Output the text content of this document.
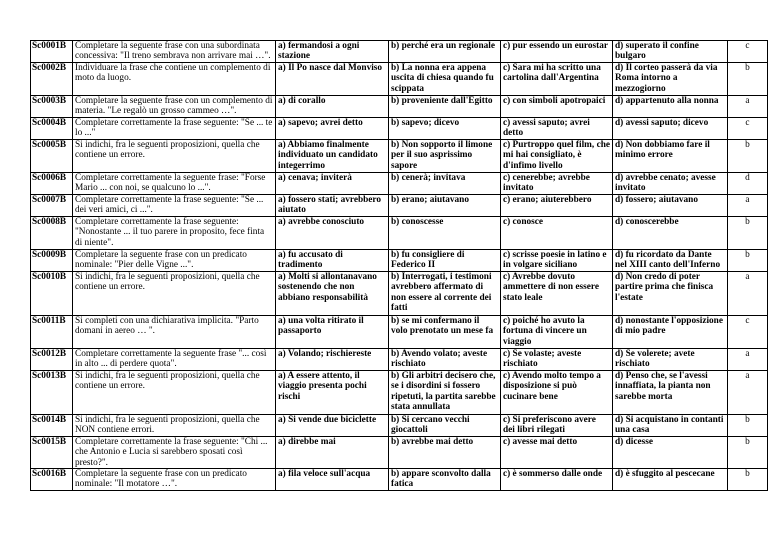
Sc0001B	Completare la seguente frase con una subordinata concessiva: "Il treno sembrava non arrivare mai …".	a) fermandosi a ogni stazione	b) perché era un regionale	c) pur essendo un eurostar	d) superato il confine bulgaro	c
Sc0002B	Individuare la frase che contiene un complemento di moto da luogo.	a) Il Po nasce dal Monviso	b) La nonna era appena uscita di chiesa quando fu scippata	c) Sara mi ha scritto una cartolina dall'Argentina	d) Il corteo passerà da via Roma intorno a mezzogiorno	b
Sc0003B	Completare la seguente frase con un complemento di materia. "Le regalò un grosso cammeo …".	a) di corallo	b) proveniente dall'Egitto	c) con simboli apotropaici	d) appartenuto alla nonna	a
Sc0004B	Completare correttamente la frase seguente: "Se ... te lo ..."	a) sapevo; avrei detto	b) sapevo; dicevo	c) avessi saputo; avrei detto	d) avessi saputo; dicevo	c
Sc0005B	Si indichi, fra le seguenti proposizioni, quella che contiene un errore.	a) Abbiamo finalmente individuato un candidato integerrimo	b) Non sopporto il limone per il suo asprissimo sapore	c) Purtroppo quel film, che mi hai consigliato, è d'infimo livello	d) Non dobbiamo fare il minimo errore	b
Sc0006B	Completare correttamente la seguente frase: "Forse Mario ... con noi, se qualcuno lo ...".	a) cenava; inviterà	b) cenerà; invitava	c) cenerebbe; avrebbe invitato	d) avrebbe cenato; avesse invitato	d
Sc0007B	Completare correttamente la frase seguente: "Se ... dei veri amici, ci ...".	a) fossero stati; avrebbero aiutato	b) erano; aiutavano	c) erano; aiuterebbero	d) fossero; aiutavano	a
Sc0008B	Completare correttamente la frase seguente: "Nonostante ... il tuo parere in proposito, fece finta di niente".	a) avrebbe conosciuto	b) conoscesse	c) conosce	d) conoscerebbe	b
Sc0009B	Completare la seguente frase con un predicato nominale: "Pier delle Vigne ...".	a) fu accusato di tradimento	b) fu consigliere di Federico II	c) scrisse poesie in latino e in volgare siciliano	d) fu ricordato da Dante nel XIII canto dell'Inferno	b
Sc0010B	Si indichi, fra le seguenti proposizioni, quella che contiene un errore.	a) Molti si allontanavano sostenendo che non abbiano responsabilità	b) Interrogati, i testimoni avrebbero affermato di non essere al corrente dei fatti	c) Avrebbe dovuto ammettere di non essere stato leale	d) Non credo di poter partire prima che finisca l'estate	a
Sc0011B	Si completi con una dichiarativa implicita. "Parto domani in aereo … ".	a) una volta ritirato il passaporto	b) se mi confermano il volo prenotato un mese fa	c) poiché ho avuto la fortuna di vincere un viaggio	d) nonostante l'opposizione di mio padre	c
Sc0012B	Completare correttamente la seguente frase "... così in alto ... di perdere quota".	a) Volando; rischiereste	b) Avendo volato; aveste rischiato	c) Se volaste; aveste rischiato	d) Se volerete; avete rischiato	a
Sc0013B	Si indichi, fra le seguenti proposizioni, quella che contiene un errore.	a) A essere attento, il viaggio presenta pochi rischi	b) Gli arbitri decisero che, se i disordini si fossero ripetuti, la partita sarebbe stata annullata	c) Avendo molto tempo a disposizione si può cucinare bene	d) Penso che, se l'avessi innaffiata, la pianta non sarebbe morta	a
Sc0014B	Si indichi, fra le seguenti proposizioni, quella che NON contiene errori.	a) Si vende due biciclette	b) Si cercano vecchi giocattoli	c) Si preferiscono avere dei libri rilegati	d) Si acquistano in contanti una casa	b
Sc0015B	Completare correttamente la frase seguente: "Chi ... che Antonio e Lucia si sarebbero sposati così presto?".	a) direbbe mai	b) avrebbe mai detto	c) avesse mai detto	d) dicesse	b
Sc0016B	Completare la seguente frase con un predicato nominale: "Il motatore …".	a) fila veloce sull'acqua	b) appare sconvolto dalla fatica	c) è sommerso dalle onde	d) è sfuggito al pescecane	b
